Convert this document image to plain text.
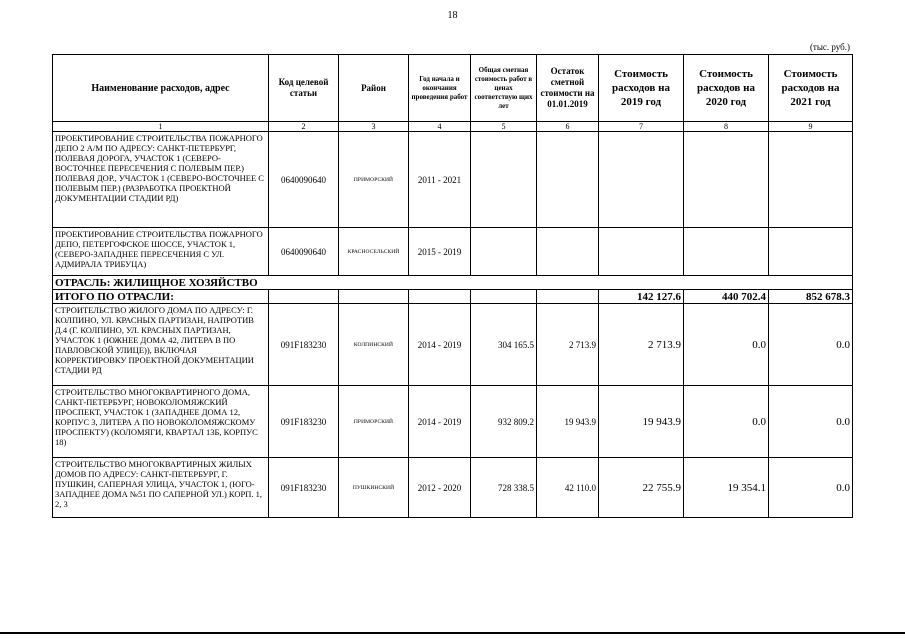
18
(тыс. руб.)
Наименование расходов, адрес	Код целевой статьи	Район	Год начала и окончания проведения работ	Общая сметная стоимость работ в ценах соответствую щих лет	Остаток сметной стоимости на 01.01.2019	Стоимость расходов на 2019 год	Стоимость расходов на 2020 год	Стоимость расходов на 2021 год
1	2	3	4	5	6	7	8	9
ПРОЕКТИРОВАНИЕ СТРОИТЕЛЬСТВА ПОЖАРНОГО ДЕПО 2 А/М ПО АДРЕСУ: САНКТ-ПЕТЕРБУРГ, ПОЛЕВАЯ ДОРОГА, УЧАСТОК 1 (СЕВЕРО-ВОСТОЧНЕЕ ПЕРЕСЕЧЕНИЯ С ПОЛЕВЫМ ПЕР.) ПОЛЕВАЯ ДОР., УЧАСТОК 1 (СЕВЕРО-ВОСТОЧНЕЕ С ПОЛЕВЫМ ПЕР.) (РАЗРАБОТКА ПРОЕКТНОЙ ДОКУМЕНТАЦИИ СТАДИИ РД)	0640090640	ПРИМОРСКИЙ	2011 - 2021					
ПРОЕКТИРОВАНИЕ СТРОИТЕЛЬСТВА ПОЖАРНОГО ДЕПО, ПЕТЕРГОФСКОЕ ШОССЕ, УЧАСТОК 1, (СЕВЕРО-ЗАПАДНЕЕ ПЕРЕСЕЧЕНИЯ С УЛ. АДМИРАЛА ТРИБУЦА)	0640090640	КРАСНОСЕЛЬСКИЙ	2015 - 2019					
ОТРАСЛЬ: ЖИЛИЩНОЕ ХОЗЯЙСТВО								
ИТОГО ПО ОТРАСЛИ:						142 127.6	440 702.4	852 678.3
СТРОИТЕЛЬСТВО ЖИЛОГО ДОМА ПО АДРЕСУ: Г. КОЛПИНО, УЛ. КРАСНЫХ ПАРТИЗАН, НАПРОТИВ Д.4 (Г. КОЛПИНО, УЛ. КРАСНЫХ ПАРТИЗАН, УЧАСТОК 1 (ЮЖНЕЕ ДОМА 42, ЛИТЕРА В ПО ПАВЛОВСКОЙ УЛИЦЕ)), ВКЛЮЧАЯ КОРРЕКТИРОВКУ ПРОЕКТНОЙ ДОКУМЕНТАЦИИ СТАДИИ РД	091F183230	КОЛПИНСКИЙ	2014 - 2019	304 165.5	2 713.9	2 713.9	0.0	0.0
СТРОИТЕЛЬСТВО МНОГОКВАРТИРНОГО ДОМА, САНКТ-ПЕТЕРБУРГ, НОВОКОЛОМЯЖСКИЙ ПРОСПЕКТ, УЧАСТОК 1 (ЗАПАДНЕЕ ДОМА 12, КОРПУС 3, ЛИТЕРА А ПО НОВОКОЛОМЯЖСКОМУ ПРОСПЕКТУ) (КОЛОМЯГИ, КВАРТАЛ 13Б, КОРПУС 18)	091F183230	ПРИМОРСКИЙ	2014 - 2019	932 809.2	19 943.9	19 943.9	0.0	0.0
СТРОИТЕЛЬСТВО МНОГОКВАРТИРНЫХ ЖИЛЫХ ДОМОВ ПО АДРЕСУ: САНКТ-ПЕТЕРБУРГ, Г. ПУШКИН, САПЕРНАЯ УЛИЦА, УЧАСТОК 1, (ЮГО-ЗАПАДНЕЕ ДОМА №51 ПО САПЕРНОЙ УЛ.) КОРП. 1, 2, 3	091F183230	ПУШКИНСКИЙ	2012 - 2020	728 338.5	42 110.0	22 755.9	19 354.1	0.0
